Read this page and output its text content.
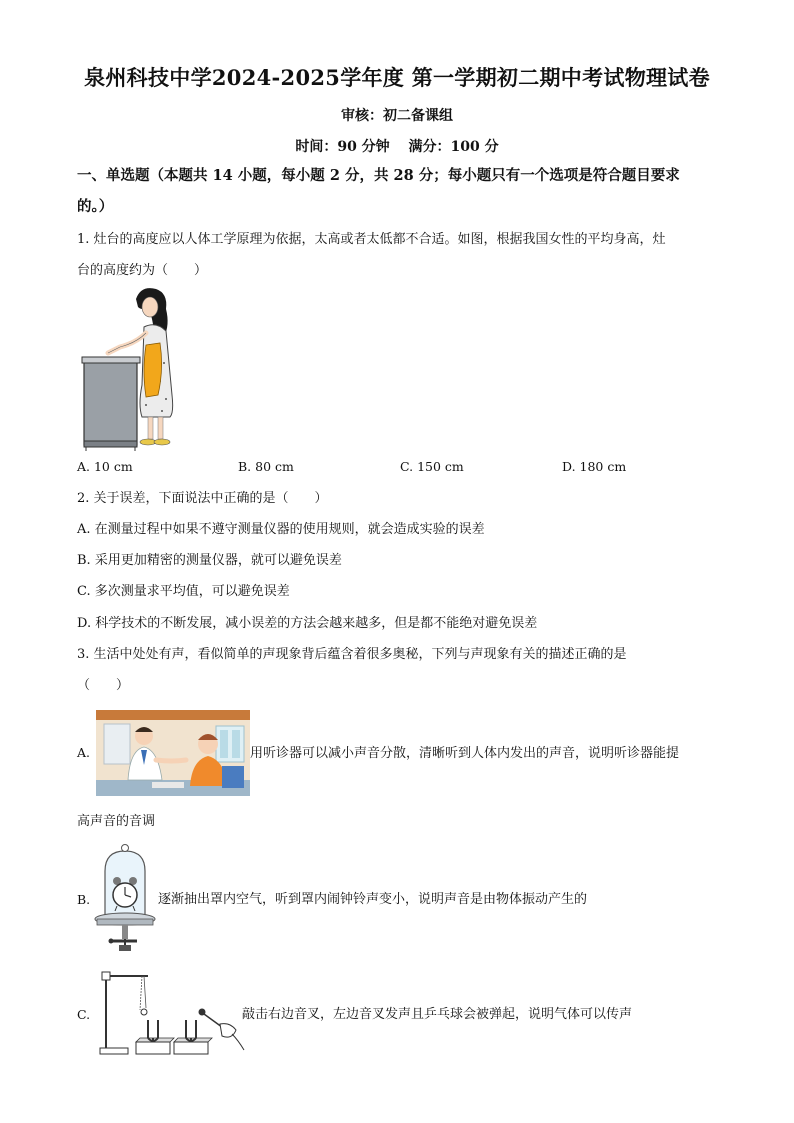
泉州科技中学2024-2025学年度 第一学期初二期中考试物理试卷
审核：初二备课组
时间：90 分钟　 满分：100 分
一、单选题（本题共 14 小题，每小题 2 分，共 28 分；每小题只有一个选项是符合题目要求
的。）
1. 灶台的高度应以人体工学原理为依据，太高或者太低都不合适。如图，根据我国女性的平均身高，灶
台的高度约为（　　）
A. 10 cm	B. 80 cm	C. 150 cm	D. 180 cm
2. 关于误差，下面说法中正确的是（　　）
A. 在测量过程中如果不遵守测量仪器的使用规则，就会造成实验的误差
B. 采用更加精密的测量仪器，就可以避免误差
C. 多次测量求平均值，可以避免误差
D. 科学技术的不断发展，减小误差的方法会越来越多，但是都不能绝对避免误差
3. 生活中处处有声，看似简单的声现象背后蕴含着很多奥秘，下列与声现象有关的描述正确的是
（　　）
A.	用听诊器可以减小声音分散，清晰听到人体内发出的声音，说明听诊器能提
高声音的音调
B.	逐渐抽出罩内空气，听到罩内闹钟铃声变小，说明声音是由物体振动产生的
C.	敲击右边音叉，左边音叉发声且乒乓球会被弹起，说明气体可以传声
